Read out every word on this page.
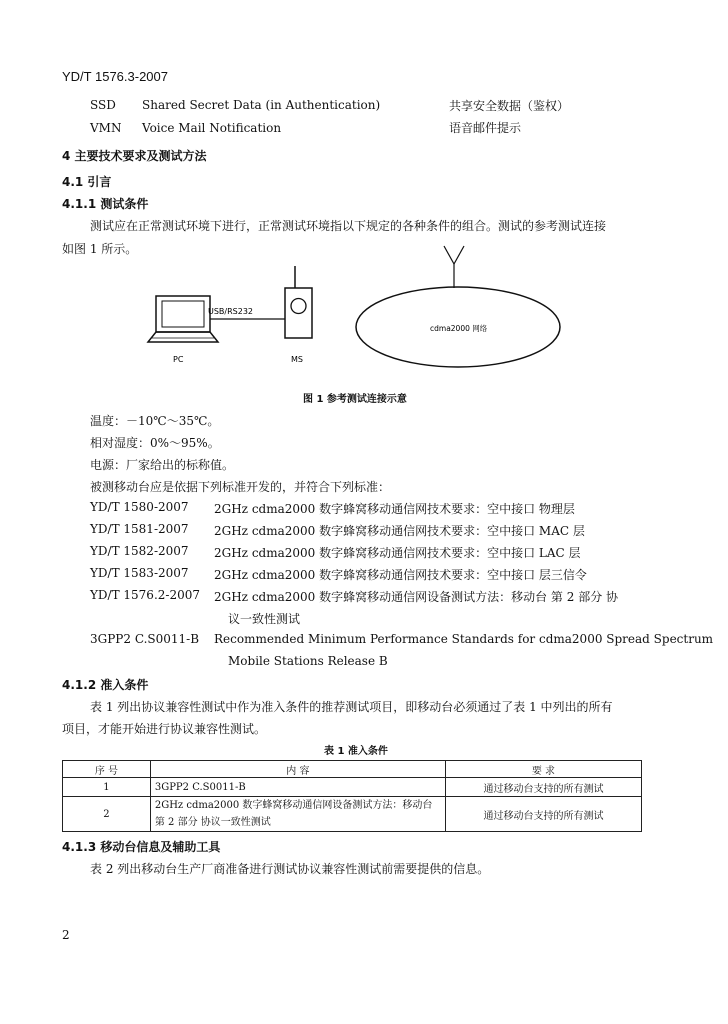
YD/T 1576.3-2007
SSD Shared Secret Data (in Authentication)	共享安全数据（鉴权）
VMN Voice Mail Notification	语音邮件提示
4 主要技术要求及测试方法
4.1 引言
4.1.1 测试条件
测试应在正常测试环境下进行，正常测试环境指以下规定的各种条件的组合。测试的参考测试连接
如图 1 所示。
USB/RS232
cdma2000 网络
PC	MS
图 1 参考测试连接示意
温度：－10℃～35℃。
相对湿度：0%～95%。
电源：厂家给出的标称值。
被测移动台应是依据下列标准开发的，并符合下列标准：
YD/T 1580-2007 2GHz cdma2000 数字蜂窝移动通信网技术要求：空中接口 物理层
YD/T 1581-2007 2GHz cdma2000 数字蜂窝移动通信网技术要求：空中接口 MAC 层
YD/T 1582-2007 2GHz cdma2000 数字蜂窝移动通信网技术要求：空中接口 LAC 层
YD/T 1583-2007 2GHz cdma2000 数字蜂窝移动通信网技术要求：空中接口 层三信令
YD/T 1576.2-2007 2GHz cdma2000 数字蜂窝移动通信网设备测试方法：移动台 第 2 部分 协
议一致性测试
3GPP2 C.S0011-B Recommended Minimum Performance Standards for cdma2000 Spread Spectrum
Mobile Stations Release B
4.1.2 准入条件
表 1 列出协议兼容性测试中作为准入条件的推荐测试项目，即移动台必须通过了表 1 中列出的所有
项目，才能开始进行协议兼容性测试。
表 1 准入条件
序 号	内 容	要 求
1	3GPP2 C.S0011-B	通过移动台支持的所有测试
2	2GHz cdma2000 数字蜂窝移动通信网设备测试方法：移动台
第 2 部分 协议一致性测试	通过移动台支持的所有测试
4.1.3 移动台信息及辅助工具
表 2 列出移动台生产厂商准备进行测试协议兼容性测试前需要提供的信息。
2
